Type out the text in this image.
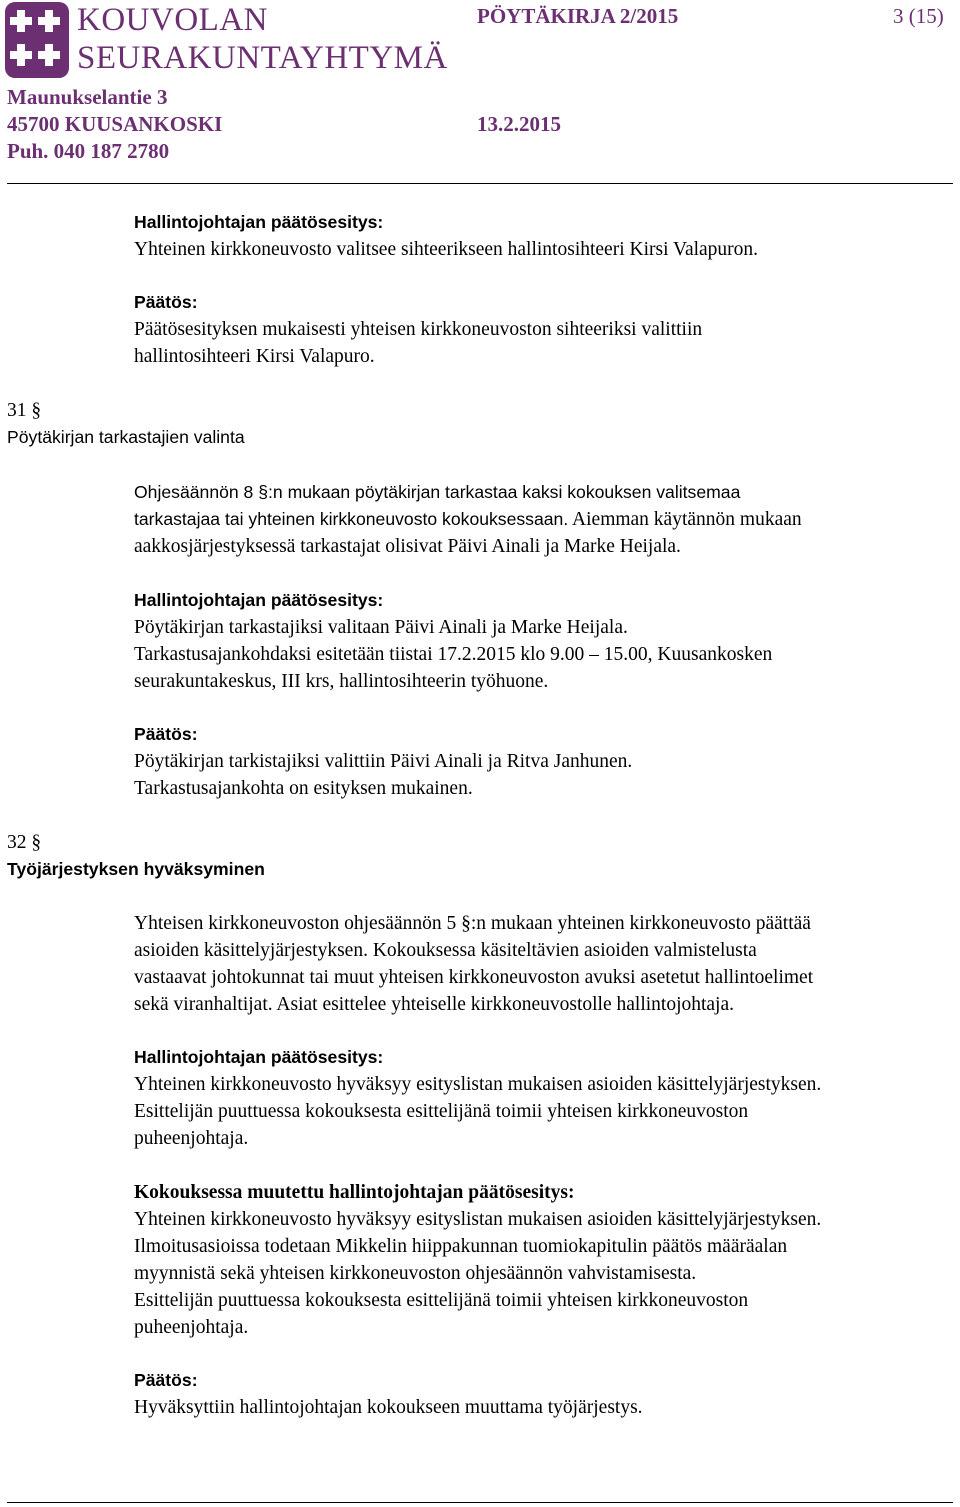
KOUVOLAN
SEURAKUNTAYHTYMÄ
PÖYTÄKIRJA 2/2015	3 (15)
Maunukselantie 3
45700 KUUSANKOSKI
Puh. 040 187 2780
13.2.2015
Hallintojohtajan päätösesitys:
Yhteinen kirkkoneuvosto valitsee sihteerikseen hallintosihteeri Kirsi Valapuron.
Päätös:
Päätösesityksen mukaisesti yhteisen kirkkoneuvoston sihteeriksi valittiin
hallintosihteeri Kirsi Valapuro.
31 §
Pöytäkirjan tarkastajien valinta
Ohjesäännön 8 §:n mukaan pöytäkirjan tarkastaa kaksi kokouksen valitsemaa
tarkastajaa tai yhteinen kirkkoneuvosto kokouksessaan. Aiemman käytännön mukaan
aakkosjärjestyksessä tarkastajat olisivat Päivi Ainali ja Marke Heijala.
Hallintojohtajan päätösesitys:
Pöytäkirjan tarkastajiksi valitaan Päivi Ainali ja Marke Heijala.
Tarkastusajankohdaksi esitetään tiistai 17.2.2015 klo 9.00 – 15.00, Kuusankosken
seurakuntakeskus, III krs, hallintosihteerin työhuone.
Päätös:
Pöytäkirjan tarkistajiksi valittiin Päivi Ainali ja Ritva Janhunen.
Tarkastusajankohta on esityksen mukainen.
32 §
Työjärjestyksen hyväksyminen
Yhteisen kirkkoneuvoston ohjesäännön 5 §:n mukaan yhteinen kirkkoneuvosto päättää
asioiden käsittelyjärjestyksen. Kokouksessa käsiteltävien asioiden valmistelusta
vastaavat johtokunnat tai muut yhteisen kirkkoneuvoston avuksi asetetut hallintoelimet
sekä viranhaltijat. Asiat esittelee yhteiselle kirkkoneuvostolle hallintojohtaja.
Hallintojohtajan päätösesitys:
Yhteinen kirkkoneuvosto hyväksyy esityslistan mukaisen asioiden käsittelyjärjestyksen.
Esittelijän puuttuessa kokouksesta esittelijänä toimii yhteisen kirkkoneuvoston
puheenjohtaja.
Kokouksessa muutettu hallintojohtajan päätösesitys:
Yhteinen kirkkoneuvosto hyväksyy esityslistan mukaisen asioiden käsittelyjärjestyksen.
Ilmoitusasioissa todetaan Mikkelin hiippakunnan tuomiokapitulin päätös määräalan
myynnistä sekä yhteisen kirkkoneuvoston ohjesäännön vahvistamisesta.
Esittelijän puuttuessa kokouksesta esittelijänä toimii yhteisen kirkkoneuvoston
puheenjohtaja.
Päätös:
Hyväksyttiin hallintojohtajan kokoukseen muuttama työjärjestys.
